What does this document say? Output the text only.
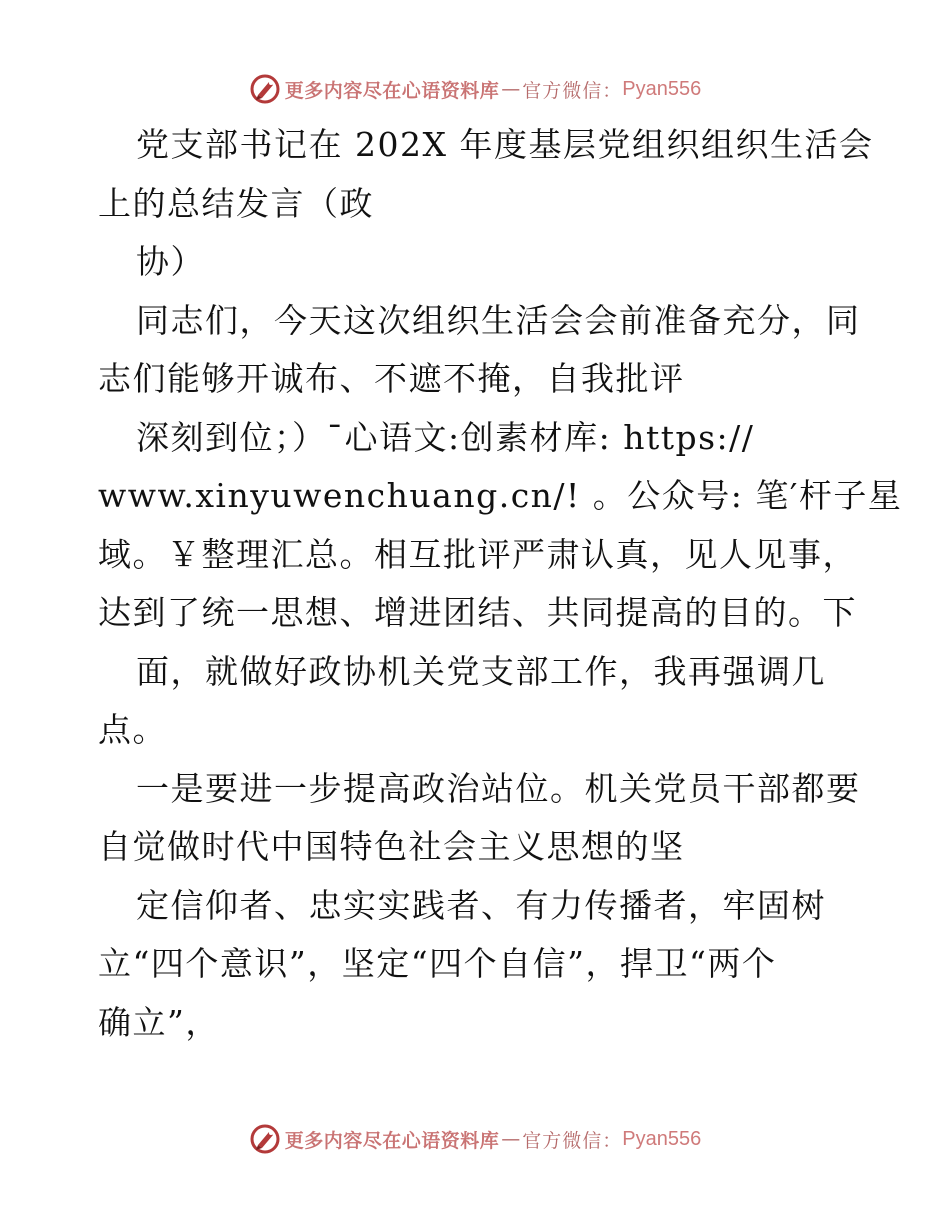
更多内容尽在心语资料库 — 官方微信： Pyan556
党支部书记在 202X 年度基层党组织组织生活会
上的总结发言（政
协）
同志们，今天这次组织生活会会前准备充分，同
志们能够开诚布、不遮不掩，自我批评
深刻到位；）¯心语文:创素材库: https://
www.xinyuwenchuang.cn/! 。公众号: 笔′杆子星
域。￥整理汇总。相互批评严肃认真，见人见事，
达到了统一思想、增进团结、共同提高的目的。下
面，就做好政协机关党支部工作，我再强调几
点。
一是要进一步提高政治站位。机关党员干部都要
自觉做时代中国特色社会主义思想的坚
定信仰者、忠实实践者、有力传播者，牢固树
立“四个意识”，坚定“四个自信”，捍卫“两个
确立”，
更多内容尽在心语资料库 — 官方微信： Pyan556
